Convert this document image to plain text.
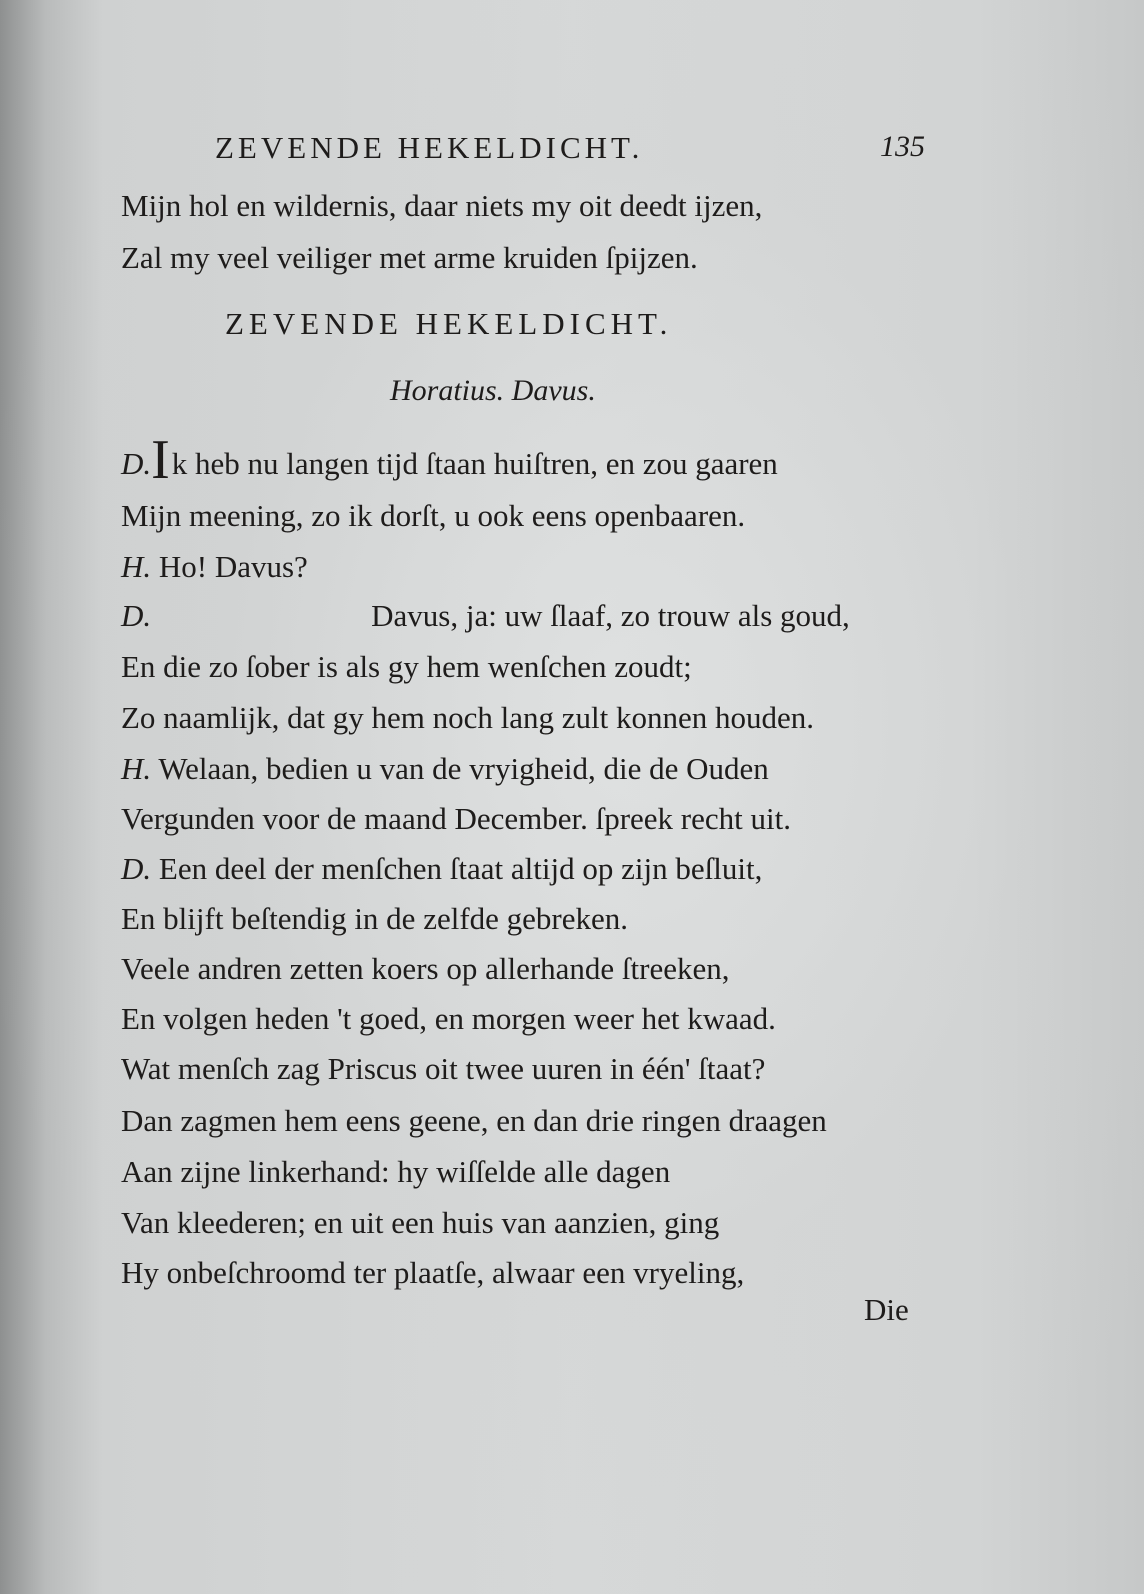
ZEVENDE HEKELDICHT.	135
Mijn hol en wildernis, daar niets my oit deedt ijzen,
Zal my veel veiliger met arme kruiden ſpijzen.
ZEVENDE HEKELDICHT.
Horatius. Davus.
D.Ik heb nu langen tijd ſtaan huiſtren, en zou gaaren
Mijn meening, zo ik dorſt, u ook eens openbaaren.
H. Ho! Davus?
D.	Davus, ja: uw ſlaaf, zo trouw als goud,
En die zo ſober is als gy hem wenſchen zoudt;
Zo naamlijk, dat gy hem noch lang zult konnen houden.
H. Welaan, bedien u van de vryigheid, die de Ouden
Vergunden voor de maand December. ſpreek recht uit.
D. Een deel der menſchen ſtaat altijd op zijn beſluit,
En blijft beſtendig in de zelfde gebreken.
Veele andren zetten koers op allerhande ſtreeken,
En volgen heden 't goed, en morgen weer het kwaad.
Wat menſch zag Priscus oit twee uuren in één' ſtaat?
Dan zagmen hem eens geene, en dan drie ringen draagen
Aan zijne linkerhand: hy wiſſelde alle dagen
Van kleederen; en uit een huis van aanzien, ging
Hy onbeſchroomd ter plaatſe, alwaar een vryeling,
Die
